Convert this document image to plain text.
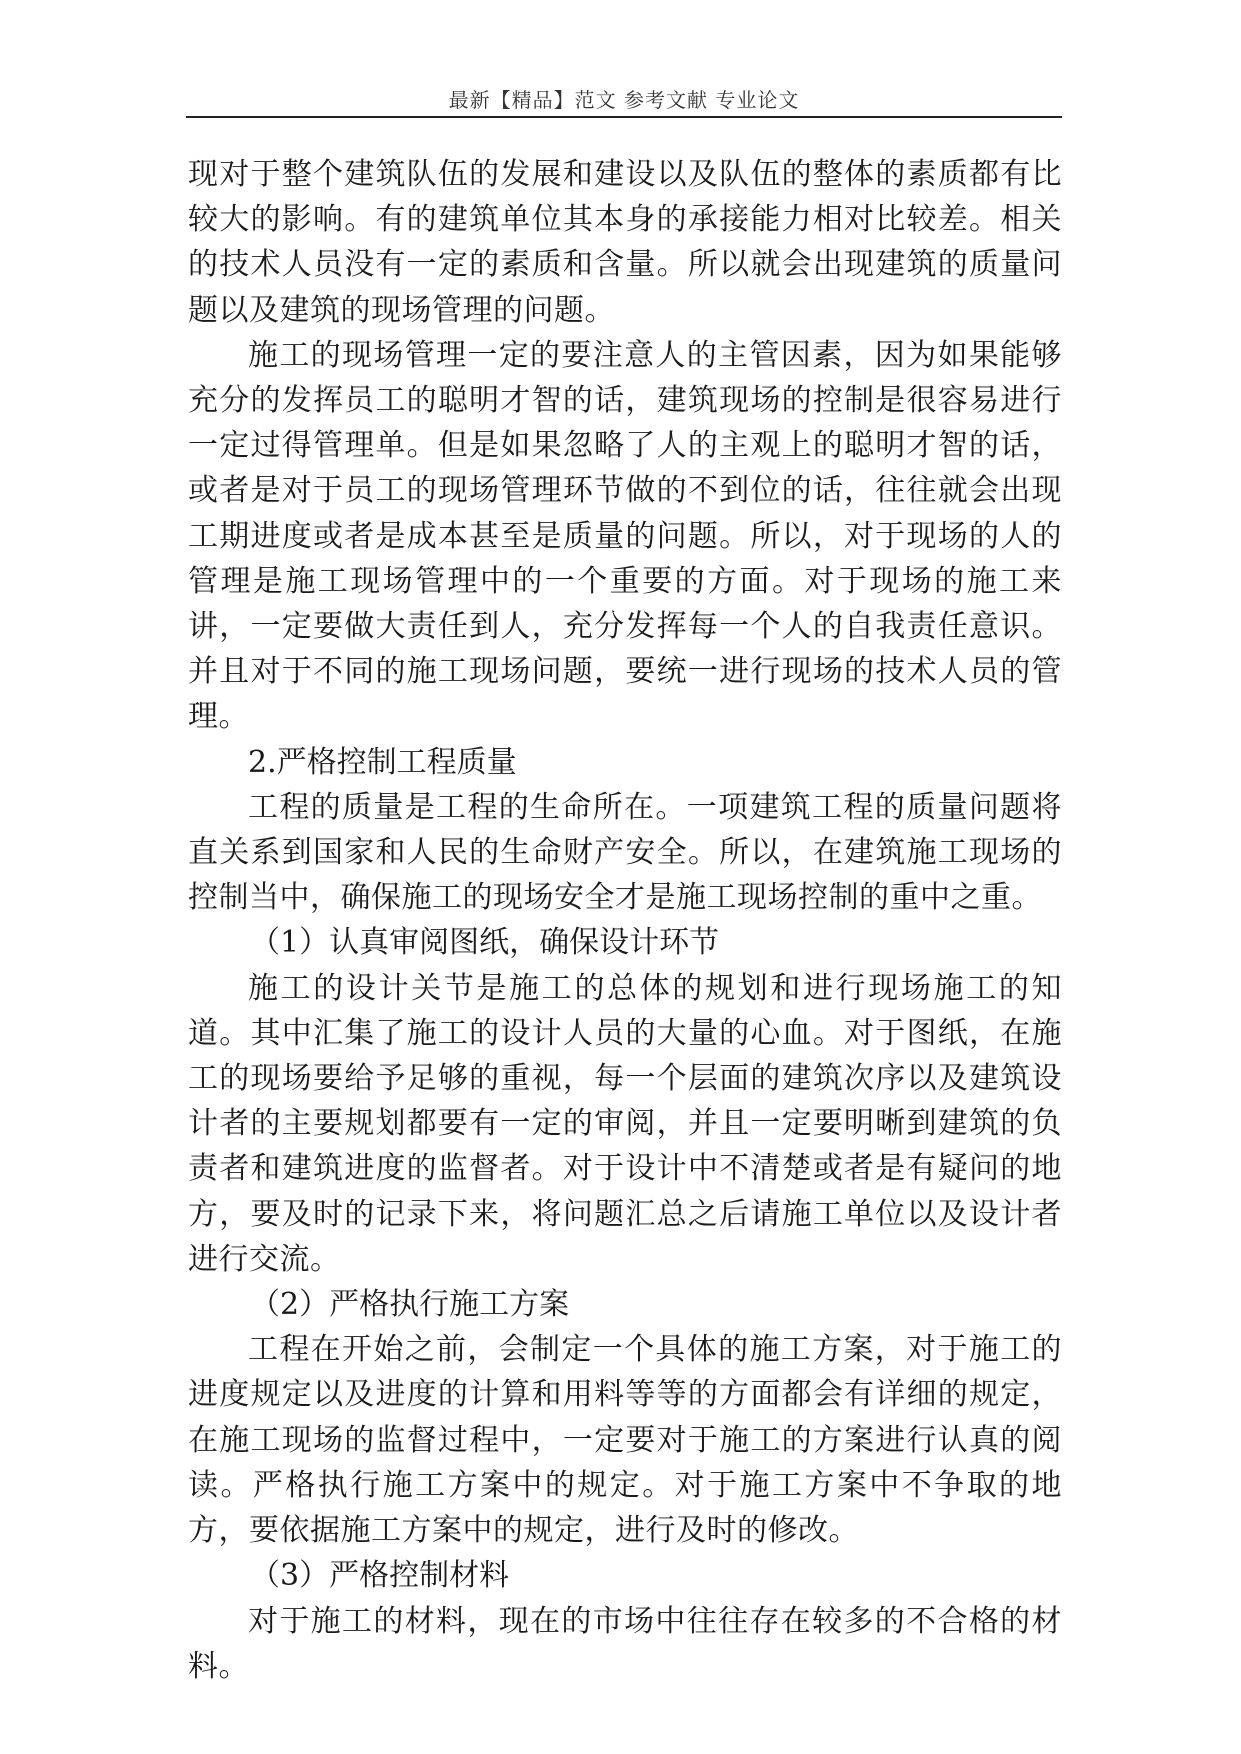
最新【精品】范文 参考文献 专业论文

现对于整个建筑队伍的发展和建设以及队伍的整体的素质都有比较大的影响。有的建筑单位其本身的承接能力相对比较差。相关的技术人员没有一定的素质和含量。所以就会出现建筑的质量问题以及建筑的现场管理的问题。

施工的现场管理一定的要注意人的主管因素，因为如果能够充分的发挥员工的聪明才智的话，建筑现场的控制是很容易进行一定过得管理单。但是如果忽略了人的主观上的聪明才智的话，或者是对于员工的现场管理环节做的不到位的话，往往就会出现工期进度或者是成本甚至是质量的问题。所以，对于现场的人的管理是施工现场管理中的一个重要的方面。对于现场的施工来讲，一定要做大责任到人，充分发挥每一个人的自我责任意识。并且对于不同的施工现场问题，要统一进行现场的技术人员的管理。

2.严格控制工程质量

工程的质量是工程的生命所在。一项建筑工程的质量问题将直关系到国家和人民的生命财产安全。所以，在建筑施工现场的控制当中，确保施工的现场安全才是施工现场控制的重中之重。

（1）认真审阅图纸，确保设计环节

施工的设计关节是施工的总体的规划和进行现场施工的知道。其中汇集了施工的设计人员的大量的心血。对于图纸，在施工的现场要给予足够的重视，每一个层面的建筑次序以及建筑设计者的主要规划都要有一定的审阅，并且一定要明晰到建筑的负责者和建筑进度的监督者。对于设计中不清楚或者是有疑问的地方，要及时的记录下来，将问题汇总之后请施工单位以及设计者进行交流。

（2）严格执行施工方案

工程在开始之前，会制定一个具体的施工方案，对于施工的进度规定以及进度的计算和用料等等的方面都会有详细的规定，在施工现场的监督过程中，一定要对于施工的方案进行认真的阅读。严格执行施工方案中的规定。对于施工方案中不争取的地方，要依据施工方案中的规定，进行及时的修改。

（3）严格控制材料

对于施工的材料，现在的市场中往往存在较多的不合格的材料。
